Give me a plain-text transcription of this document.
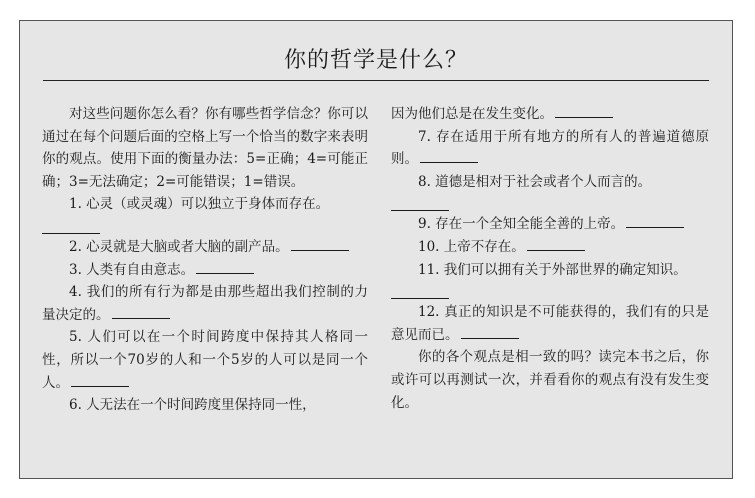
你的哲学是什么？

对这些问题你怎么看？你有哪些哲学信念？你可以通过在每个问题后面的空格上写一个恰当的数字来表明你的观点。使用下面的衡量办法：5=正确；4=可能正确；3=无法确定；2=可能错误；1=错误。

1. 心灵（或灵魂）可以独立于身体而存在。

2. 心灵就是大脑或者大脑的副产品。

3. 人类有自由意志。

4. 我们的所有行为都是由那些超出我们控制的力量决定的。

5. 人们可以在一个时间跨度中保持其人格同一性，所以一个70岁的人和一个5岁的人可以是同一个人。

6. 人无法在一个时间跨度里保持同一性，

因为他们总是在发生变化。

7. 存在适用于所有地方的所有人的普遍道德原则。

8. 道德是相对于社会或者个人而言的。

9. 存在一个全知全能全善的上帝。

10. 上帝不存在。

11. 我们可以拥有关于外部世界的确定知识。

12. 真正的知识是不可能获得的，我们有的只是意见而已。

你的各个观点是相一致的吗？读完本书之后，你或许可以再测试一次，并看看你的观点有没有发生变化。
